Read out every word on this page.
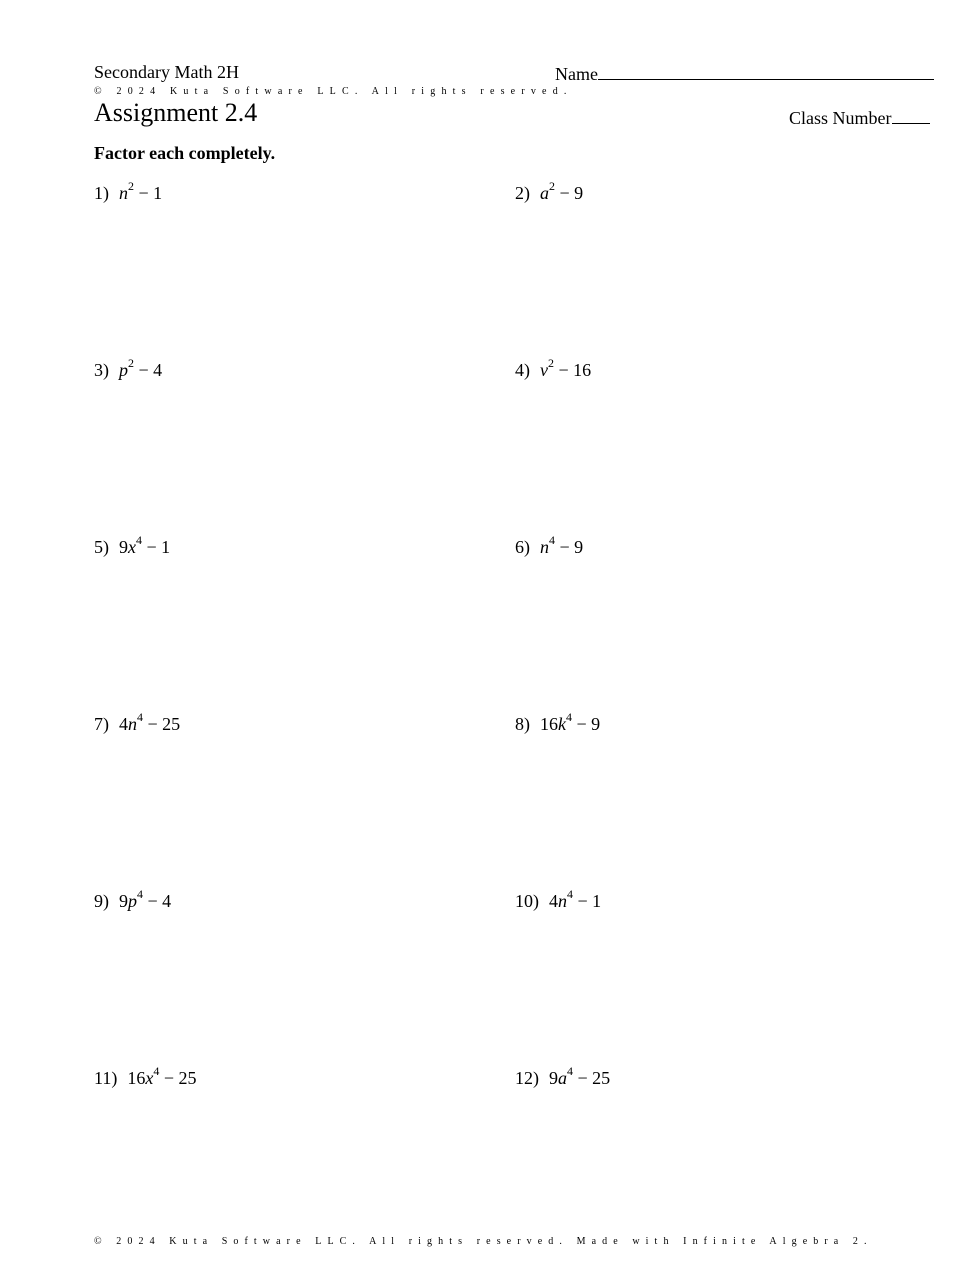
Secondary Math 2H	Name
© 2024 Kuta Software LLC. All rights reserved.
Assignment 2.4	Class Number
Factor each completely.
1) $n^2 - 1$	2) $a^2 - 9$
3) $p^2 - 4$	4) $v^2 - 16$
5) $9x^4 - 1$	6) $n^4 - 9$
7) $4n^4 - 25$	8) $16k^4 - 9$
9) $9p^4 - 4$	10) $4n^4 - 1$
11) $16x^4 - 25$	12) $9a^4 - 25$
© 2024 Kuta Software LLC. All rights reserved. Made with Infinite Algebra 2.
